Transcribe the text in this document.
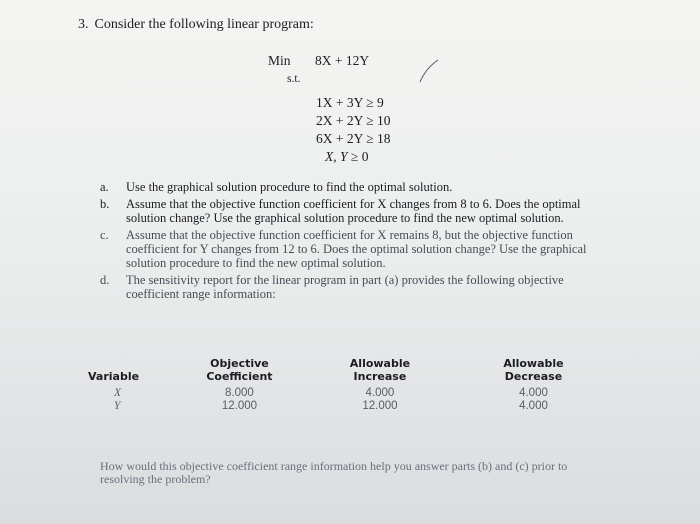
3. Consider the following linear program:
Min 8X + 12Y
s.t.
1X + 3Y ≥ 9
2X + 2Y ≥ 10
6X + 2Y ≥ 18
X, Y ≥ 0
a. Use the graphical solution procedure to find the optimal solution.
b. Assume that the objective function coefficient for X changes from 8 to 6. Does the optimal solution change? Use the graphical solution procedure to find the new optimal solution.
c. Assume that the objective function coefficient for X remains 8, but the objective function coefficient for Y changes from 12 to 6. Does the optimal solution change? Use the graphical solution procedure to find the new optimal solution.
d. The sensitivity report for the linear program in part (a) provides the following objective coefficient range information:
Variable	Objective Coefficient	Allowable Increase	Allowable Decrease
X	8.000	4.000	4.000
Y	12.000	12.000	4.000
How would this objective coefficient range information help you answer parts (b) and (c) prior to resolving the problem?
